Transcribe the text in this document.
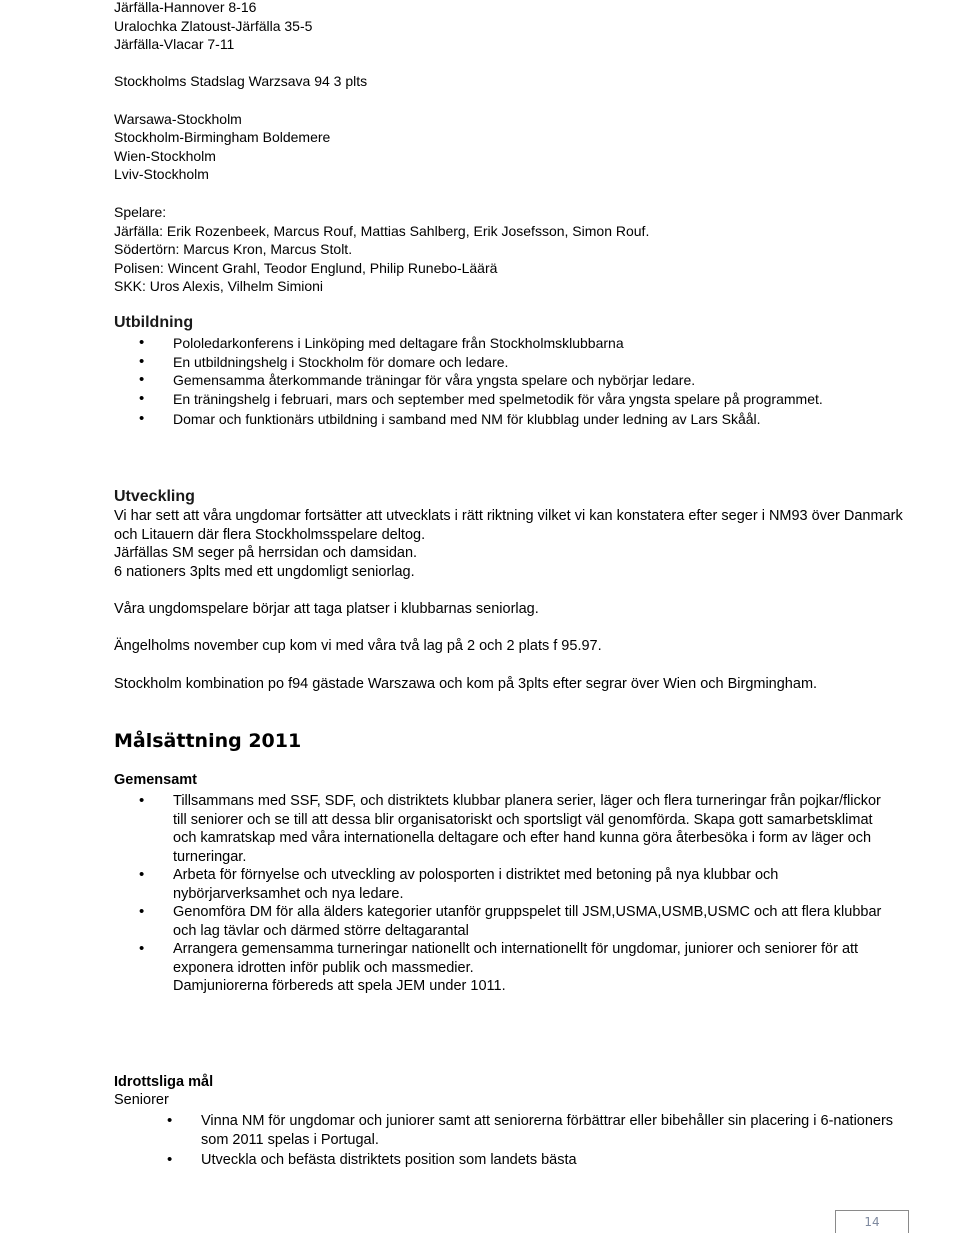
Järfälla-Hannover 8-16
Uralochka Zlatoust-Järfälla 35-5
Järfälla-Vlacar 7-11
Stockholms Stadslag Warzsava 94 3 plts
Warsawa-Stockholm
Stockholm-Birmingham Boldemere
Wien-Stockholm
Lviv-Stockholm
Spelare:
Järfälla: Erik Rozenbeek, Marcus Rouf, Mattias Sahlberg, Erik Josefsson, Simon Rouf.
Södertörn: Marcus Kron, Marcus Stolt.
Polisen: Wincent Grahl, Teodor Englund, Philip Runebo-Läärä
SKK: Uros Alexis, Vilhelm Simioni
Utbildning
• Pololedarkonferens i Linköping med deltagare från Stockholmsklubbarna
• En utbildningshelg i Stockholm för domare och ledare.
• Gemensamma återkommande träningar för våra yngsta spelare och nybörjar ledare.
• En träningshelg i februari, mars och september med spelmetodik för våra yngsta spelare på programmet.
• Domar och funktionärs utbildning i samband med NM för klubblag under ledning av Lars Skåål.
Utveckling
Vi har sett att våra ungdomar fortsätter att utvecklats i rätt riktning vilket vi kan konstatera efter seger i NM93 över Danmark och Litauern där flera Stockholmsspelare deltog.
Järfällas SM seger på herrsidan och damsidan.
6 nationers 3plts med ett ungdomligt seniorlag.
Våra ungdomspelare börjar att taga platser i klubbarnas seniorlag.
Ängelholms november cup kom vi med våra två lag på 2 och 2 plats f 95.97.
Stockholm kombination po f94 gästade Warszawa och kom på 3plts efter segrar över Wien och Birgmingham.
Målsättning 2011
Gemensamt
• Tillsammans med SSF, SDF, och distriktets klubbar planera serier, läger och flera turneringar från pojkar/flickor till seniorer och se till att dessa blir organisatoriskt och sportsligt väl genomförda. Skapa gott samarbetsklimat och kamratskap med våra internationella deltagare och efter hand kunna göra återbesöka i form av läger och turneringar.
• Arbeta för förnyelse och utveckling av polosporten i distriktet med betoning på nya klubbar och nybörjarverksamhet och nya ledare.
• Genomföra DM för alla älders kategorier utanför gruppspelet till JSM,USMA,USMB,USMC och att flera klubbar och lag tävlar och därmed större deltagarantal
• Arrangera gemensamma turneringar nationellt och internationellt för ungdomar, juniorer och seniorer för att exponera idrotten inför publik och massmedier.
Damjuniorerna förbereds att spela JEM under 1011.
Idrottsliga mål
Seniorer
• Vinna NM för ungdomar och juniorer samt att seniorerna förbättrar eller bibehåller sin placering i 6-nationers som 2011 spelas i Portugal.
• Utveckla och befästa distriktets position som landets bästa
14
